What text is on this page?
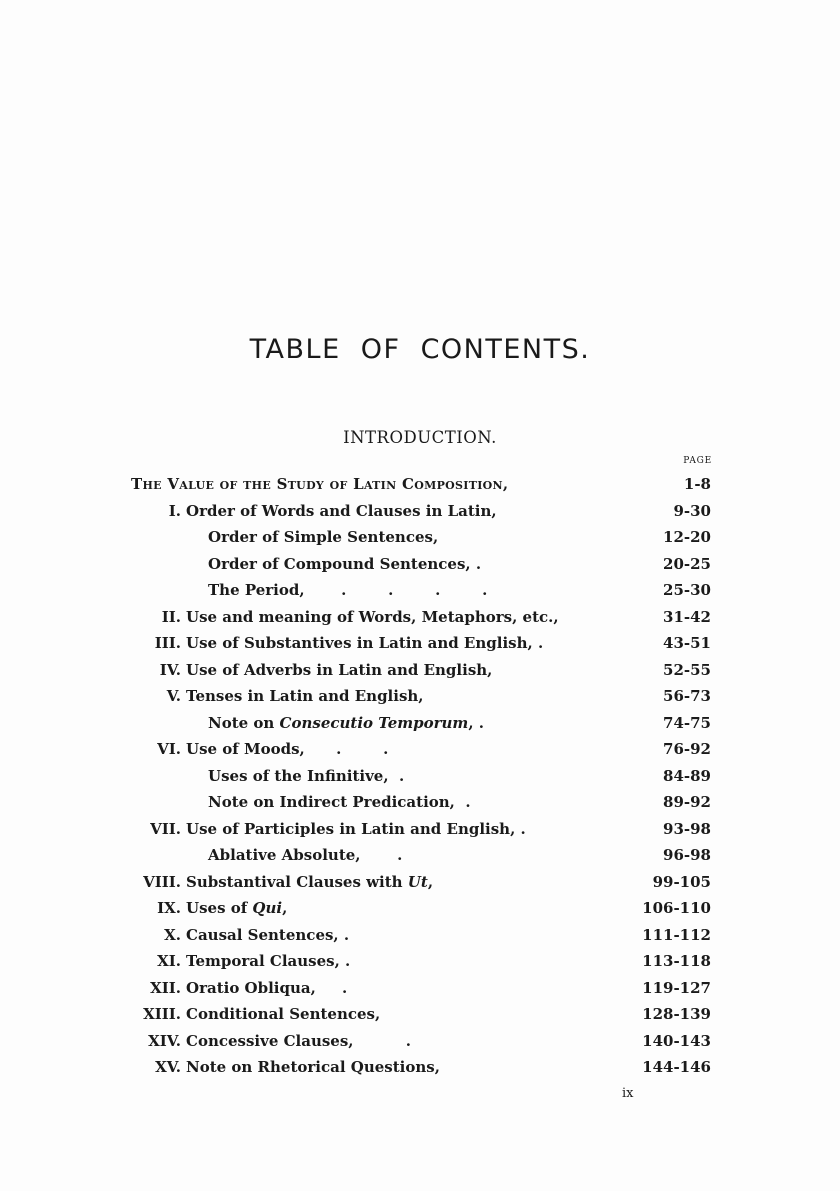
TABLE OF CONTENTS.
INTRODUCTION.
PAGE
The Value of the Study of Latin Composition,	1-8
I. Order of Words and Clauses in Latin,	9-30
Order of Simple Sentences,	12-20
Order of Compound Sentences, .	20-25
The Period,       .        .        .        .	25-30
II. Use and meaning of Words, Metaphors, etc.,	31-42
III. Use of Substantives in Latin and English, .	43-51
IV. Use of Adverbs in Latin and English,	52-55
V. Tenses in Latin and English,	56-73
Note on Consecutio Temporum, .	74-75
VI. Use of Moods,      .        .	76-92
Uses of the Infinitive,  .	84-89
Note on Indirect Predication,  .	89-92
VII. Use of Participles in Latin and English, .	93-98
Ablative Absolute,       .	96-98
VIII. Substantival Clauses with Ut,	99-105
IX. Uses of Qui,	106-110
X. Causal Sentences, .	111-112
XI. Temporal Clauses, .	113-118
XII. Oratio Obliqua,     .	119-127
XIII. Conditional Sentences,	128-139
XIV. Concessive Clauses,          .	140-143
XV. Note on Rhetorical Questions,	144-146
ix
